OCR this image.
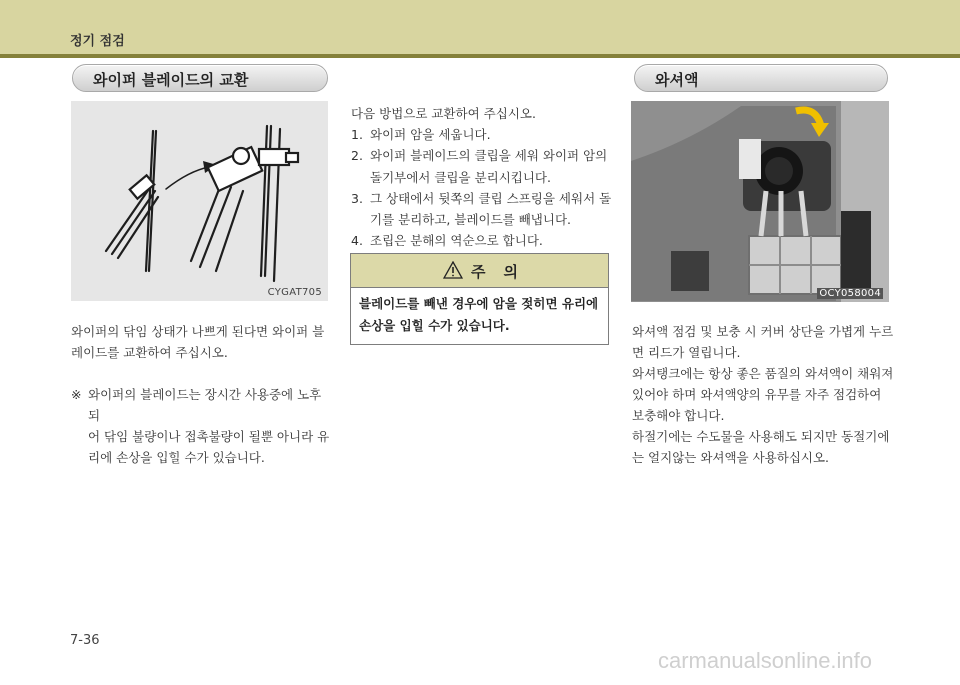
정기 점검
와이퍼 블레이드의 교환
CYGAT705
와이퍼의 닦임 상태가 나쁘게 된다면 와이퍼 블
레이드를 교환하여 주십시오.
※ 와이퍼의 블레이드는 장시간 사용중에 노후되
어 닦임 불량이나 접촉불량이 될뿐 아니라 유
리에 손상을 입힐 수가 있습니다.
다음 방법으로 교환하여 주십시오.
1. 와이퍼 암을 세웁니다.
2. 와이퍼 블레이드의 클립을 세워 와이퍼 암의
돌기부에서 클립을 분리시킵니다.
3. 그 상태에서 뒷쪽의 클립 스프링을 세워서 돌
기를 분리하고, 블레이드를 빼냅니다.
4. 조립은 분해의 역순으로 합니다.
주의
블레이드를 빼낸 경우에 암을 젖히면 유리에
손상을 입힐 수가 있습니다.
와셔액
OCY058004
와셔액 점검 및 보충 시 커버 상단을 가볍게 누르
면 리드가 열립니다.
와셔탱크에는 항상 좋은 품질의 와셔액이 채워져
있어야 하며 와셔액양의 유무를 자주 점검하여
보충해야 합니다.
하절기에는 수도물을 사용해도 되지만 동절기에
는 얼지않는 와셔액을 사용하십시오.
7-36
carmanualsonline.info
